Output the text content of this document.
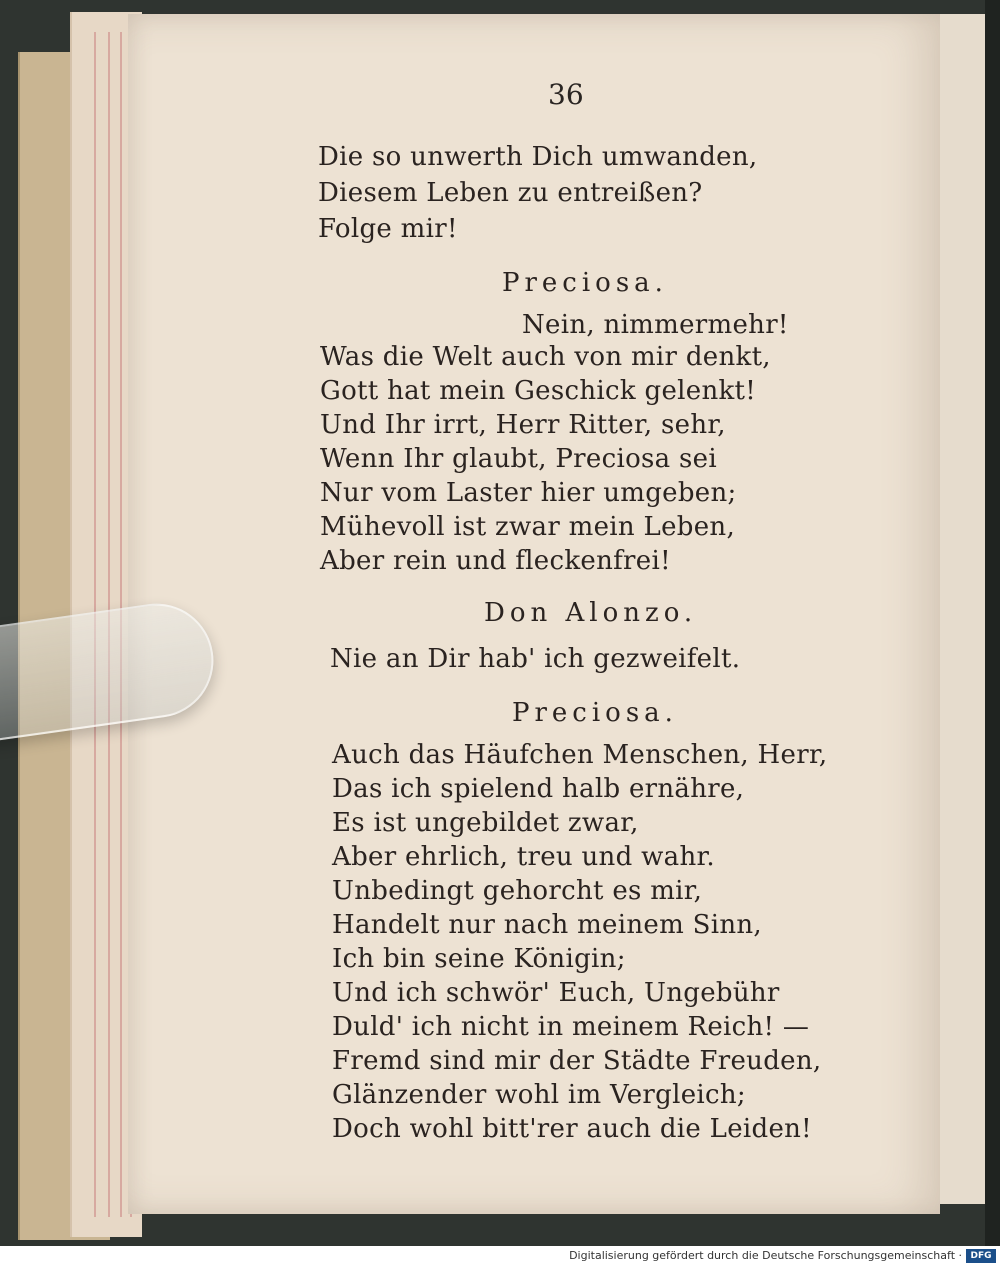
36
Die so unwerth Dich umwanden,
Diesem Leben zu entreißen?
Folge mir!
Preciosa.
Nein, nimmermehr!
Was die Welt auch von mir denkt,
Gott hat mein Geschick gelenkt!
Und Ihr irrt, Herr Ritter, sehr,
Wenn Ihr glaubt, Preciosa sei
Nur vom Laster hier umgeben;
Mühevoll ist zwar mein Leben,
Aber rein und fleckenfrei!
Don Alonzo.
Nie an Dir hab' ich gezweifelt.
Preciosa.
Auch das Häufchen Menschen, Herr,
Das ich spielend halb ernähre,
Es ist ungebildet zwar,
Aber ehrlich, treu und wahr.
Unbedingt gehorcht es mir,
Handelt nur nach meinem Sinn,
Ich bin seine Königin;
Und ich schwör' Euch, Ungebühr
Duld' ich nicht in meinem Reich! —
Fremd sind mir der Städte Freuden,
Glänzender wohl im Vergleich;
Doch wohl bitt'rer auch die Leiden!
Digitalisierung gefördert durch die Deutsche Forschungsgemeinschaft · DFG
